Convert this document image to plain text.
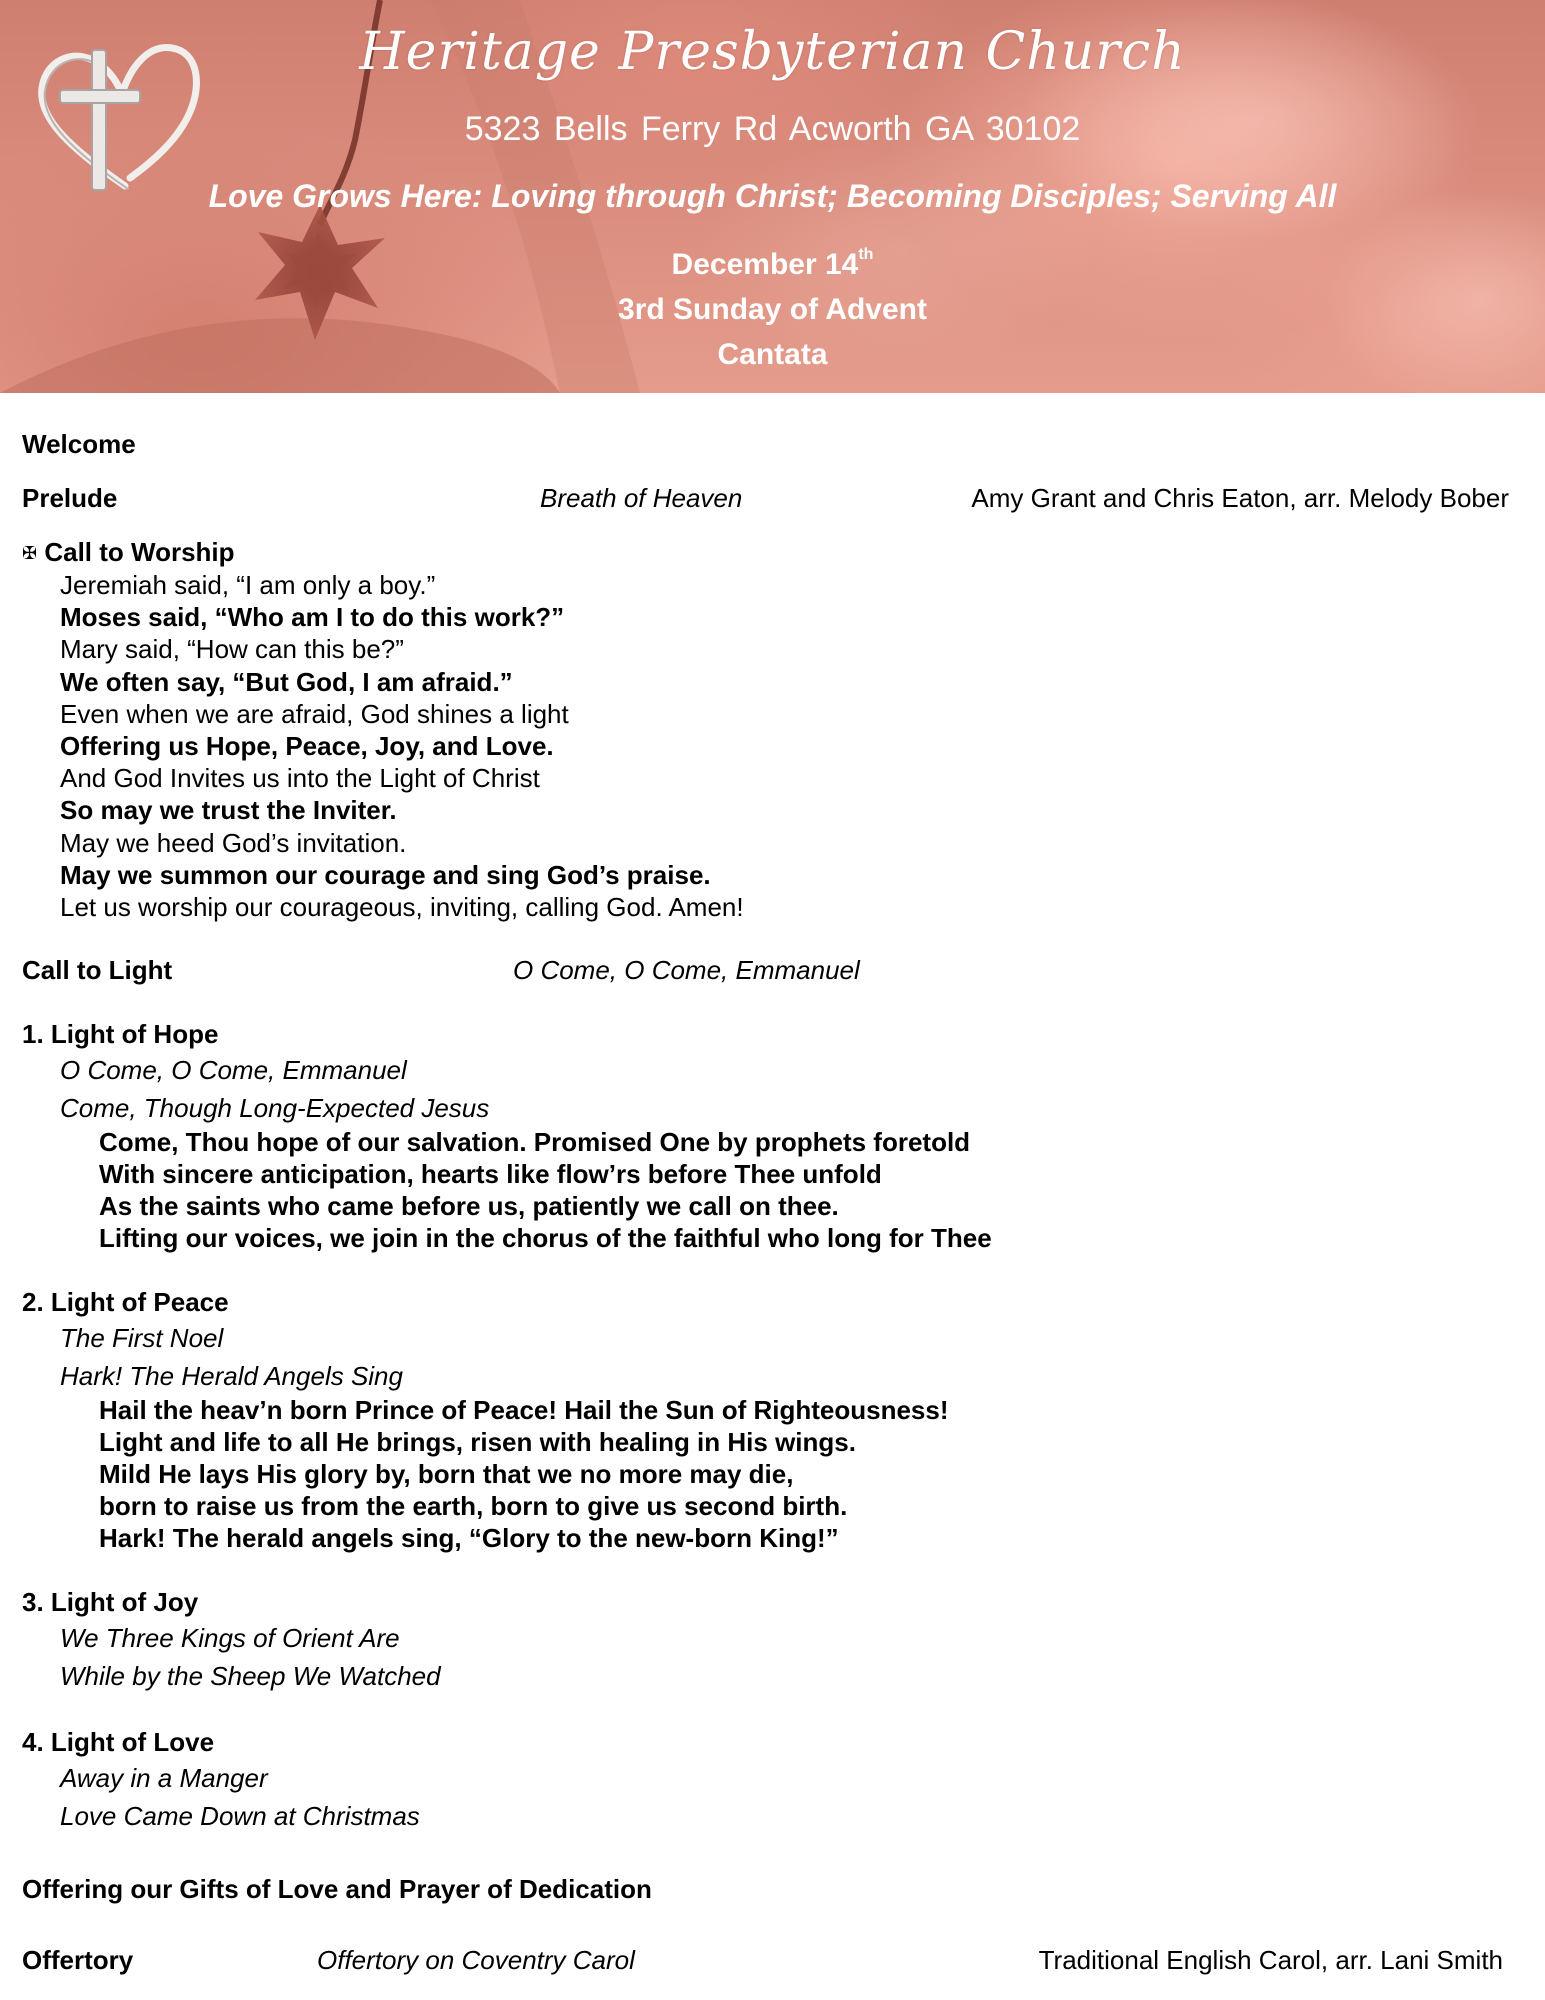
Heritage Presbyterian Church
5323 Bells Ferry Rd Acworth GA 30102
Love Grows Here: Loving through Christ; Becoming Disciples; Serving All
December 14th
3rd Sunday of Advent
Cantata
Welcome
Prelude	Breath of Heaven	Amy Grant and Chris Eaton, arr. Melody Bober
✠ Call to Worship
Jeremiah said, “I am only a boy.”
Moses said, “Who am I to do this work?”
Mary said, “How can this be?”
We often say, “But God, I am afraid.”
Even when we are afraid, God shines a light
Offering us Hope, Peace, Joy, and Love.
And God Invites us into the Light of Christ
So may we trust the Inviter.
May we heed God’s invitation.
May we summon our courage and sing God’s praise.
Let us worship our courageous, inviting, calling God. Amen!
Call to Light	O Come, O Come, Emmanuel
1. Light of Hope
O Come, O Come, Emmanuel
Come, Though Long-Expected Jesus
Come, Thou hope of our salvation. Promised One by prophets foretold
With sincere anticipation, hearts like flow’rs before Thee unfold
As the saints who came before us, patiently we call on thee.
Lifting our voices, we join in the chorus of the faithful who long for Thee
2. Light of Peace
The First Noel
Hark! The Herald Angels Sing
Hail the heav’n born Prince of Peace! Hail the Sun of Righteousness!
Light and life to all He brings, risen with healing in His wings.
Mild He lays His glory by, born that we no more may die,
born to raise us from the earth, born to give us second birth.
Hark! The herald angels sing, “Glory to the new-born King!”
3. Light of Joy
We Three Kings of Orient Are
While by the Sheep We Watched
4. Light of Love
Away in a Manger
Love Came Down at Christmas
Offering our Gifts of Love and Prayer of Dedication
Offertory	Offertory on Coventry Carol	Traditional English Carol, arr. Lani Smith
